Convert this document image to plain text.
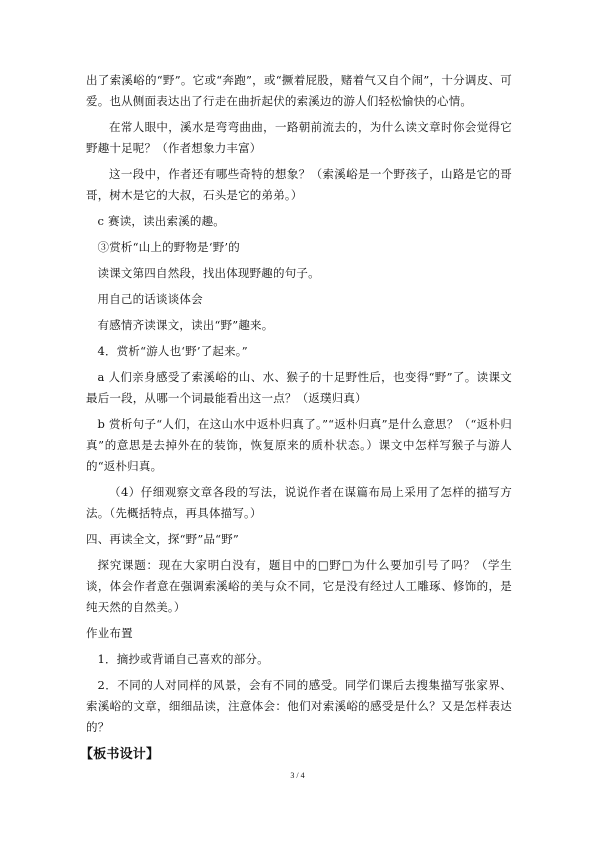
出了索溪峪的“野”。它或“奔跑”，或“撅着屁股，赌着气又自个闹”，十分调皮、可爱。也从侧面表达出了行走在曲折起伏的索溪边的游人们轻松愉快的心情。

在常人眼中，溪水是弯弯曲曲，一路朝前流去的，为什么读文章时你会觉得它野趣十足呢？（作者想象力丰富）

这一段中，作者还有哪些奇特的想象？（索溪峪是一个野孩子，山路是它的哥哥，树木是它的大叔，石头是它的弟弟。）

c 赛读，读出索溪的趣。

③赏析“山上的野物是‘野’的

读课文第四自然段，找出体现野趣的句子。

用自己的话谈谈体会

有感情齐读课文，读出“野”趣来。

4．赏析“游人也‘野’了起来。”

a 人们亲身感受了索溪峪的山、水、猴子的十足野性后，也变得“野”了。读课文最后一段，从哪一个词最能看出这一点？（返璞归真）

b 赏析句子“人们，在这山水中返朴归真了。”“返朴归真”是什么意思？（“返朴归真”的意思是去掉外在的装饰，恢复原来的质朴状态。）课文中怎样写猴子与游人的“返朴归真。

（4）仔细观察文章各段的写法，说说作者在谋篇布局上采用了怎样的描写方法。（先概括特点，再具体描写。）

四、再读全文，探“野”品“野”

探究课题：现在大家明白没有，题目中的□野□为什么要加引号了吗？（学生谈，体会作者意在强调索溪峪的美与众不同，它是没有经过人工雕琢、修饰的，是纯天然的自然美。）

作业布置

1．摘抄或背诵自己喜欢的部分。

2．不同的人对同样的风景，会有不同的感受。同学们课后去搜集描写张家界、索溪峪的文章，细细品读，注意体会：他们对索溪峪的感受是什么？又是怎样表达的？

【板书设计】
3 / 4
